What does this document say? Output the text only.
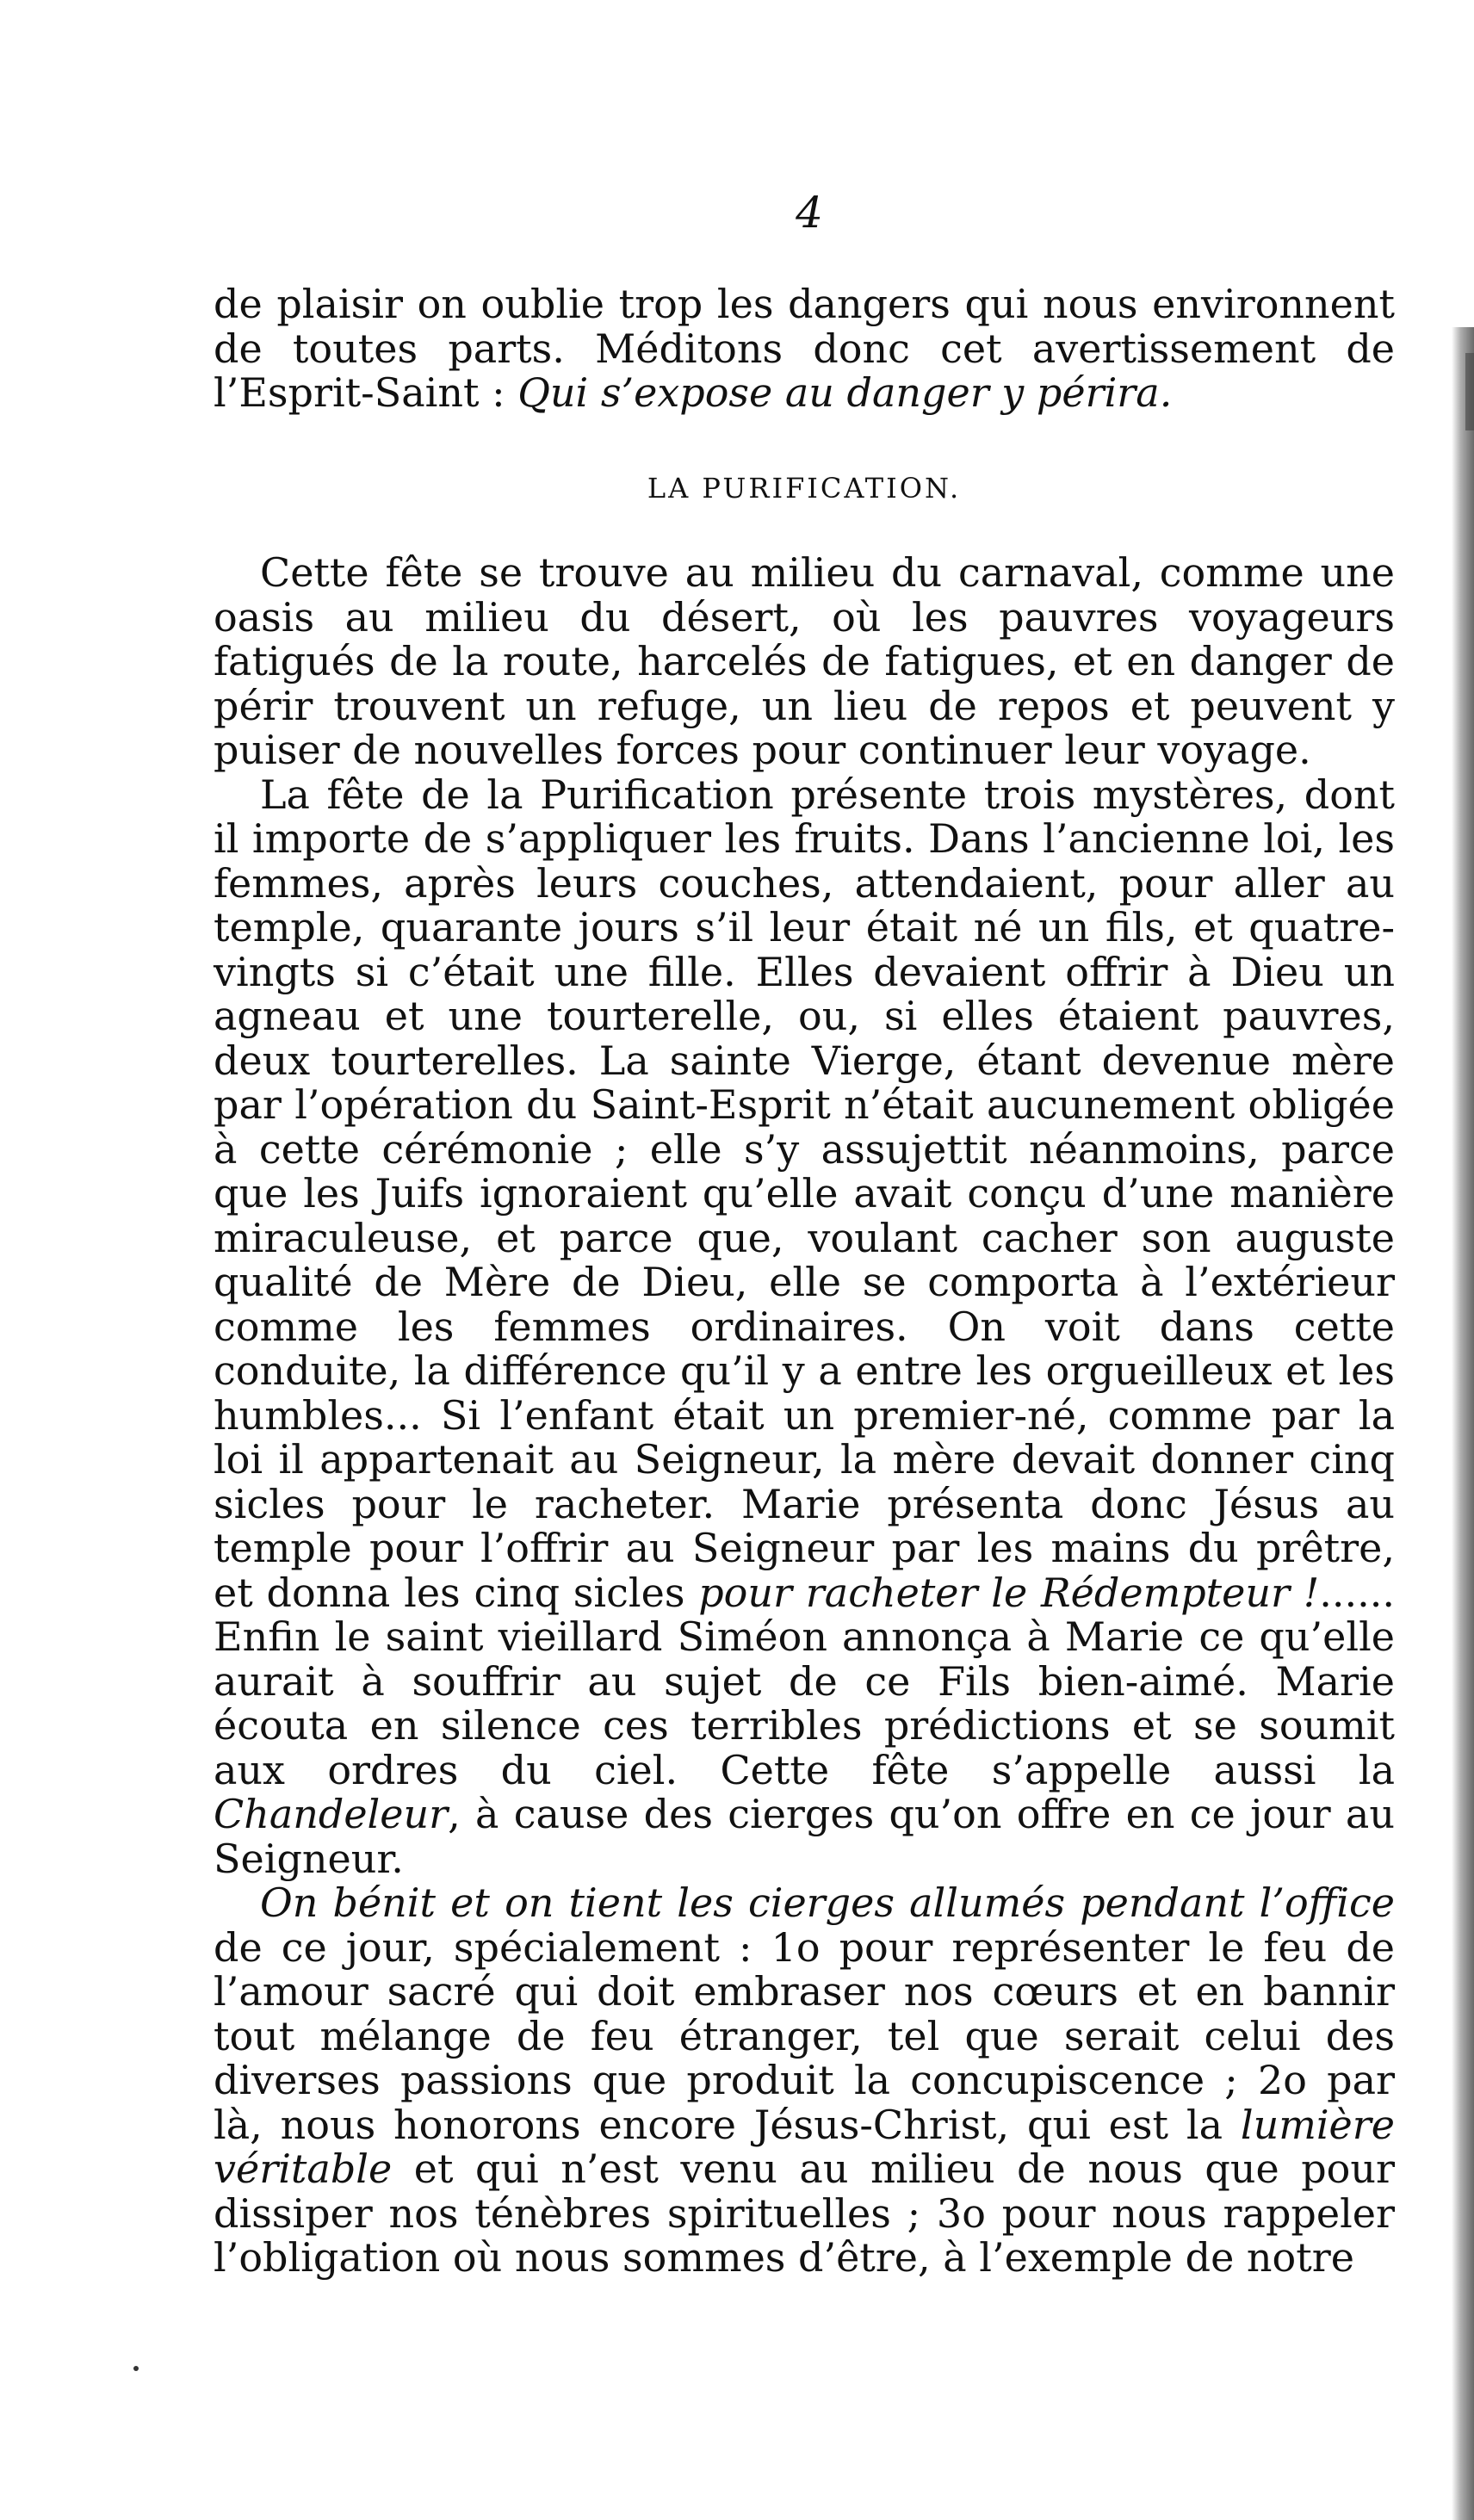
4

de plaisir on oublie trop les dangers qui nous environnent de toutes parts. Méditons donc cet avertissement de l’Esprit-Saint : Qui s’expose au danger y périra.

LA PURIFICATION.

Cette fête se trouve au milieu du carnaval, comme une oasis au milieu du désert, où les pauvres voyageurs fatigués de la route, harcelés de fatigues, et en danger de périr trouvent un refuge, un lieu de repos et peuvent y puiser de nouvelles forces pour continuer leur voyage.

La fête de la Purification présente trois mystères, dont il importe de s’appliquer les fruits. Dans l’ancienne loi, les femmes, après leurs couches, attendaient, pour aller au temple, quarante jours s’il leur était né un fils, et quatre-vingts si c’était une fille. Elles devaient offrir à Dieu un agneau et une tourterelle, ou, si elles étaient pauvres, deux tourterelles. La sainte Vierge, étant devenue mère par l’opération du Saint-Esprit n’était aucunement obligée à cette cérémonie ; elle s’y assujettit néanmoins, parce que les Juifs ignoraient qu’elle avait conçu d’une manière miraculeuse, et parce que, voulant cacher son auguste qualité de Mère de Dieu, elle se comporta à l’extérieur comme les femmes ordinaires. On voit dans cette conduite, la différence qu’il y a entre les orgueilleux et les humbles... Si l’enfant était un premier-né, comme par la loi il appartenait au Seigneur, la mère devait donner cinq sicles pour le racheter. Marie présenta donc Jésus au temple pour l’offrir au Seigneur par les mains du prêtre, et donna les cinq sicles pour racheter le Rédempteur !...... Enfin le saint vieillard Siméon annonça à Marie ce qu’elle aurait à souffrir au sujet de ce Fils bien-aimé. Marie écouta en silence ces terribles prédictions et se soumit aux ordres du ciel. Cette fête s’appelle aussi la Chandeleur, à cause des cierges qu’on offre en ce jour au Seigneur.

On bénit et on tient les cierges allumés pendant l’office de ce jour, spécialement : 1o pour représenter le feu de l’amour sacré qui doit embraser nos cœurs et en bannir tout mélange de feu étranger, tel que serait celui des diverses passions que produit la concupiscence ; 2o par là, nous honorons encore Jésus-Christ, qui est la lumière véritable et qui n’est venu au milieu de nous que pour dissiper nos ténèbres spirituelles ; 3o pour nous rappeler l’obligation où nous sommes d’être, à l’exemple de notre
